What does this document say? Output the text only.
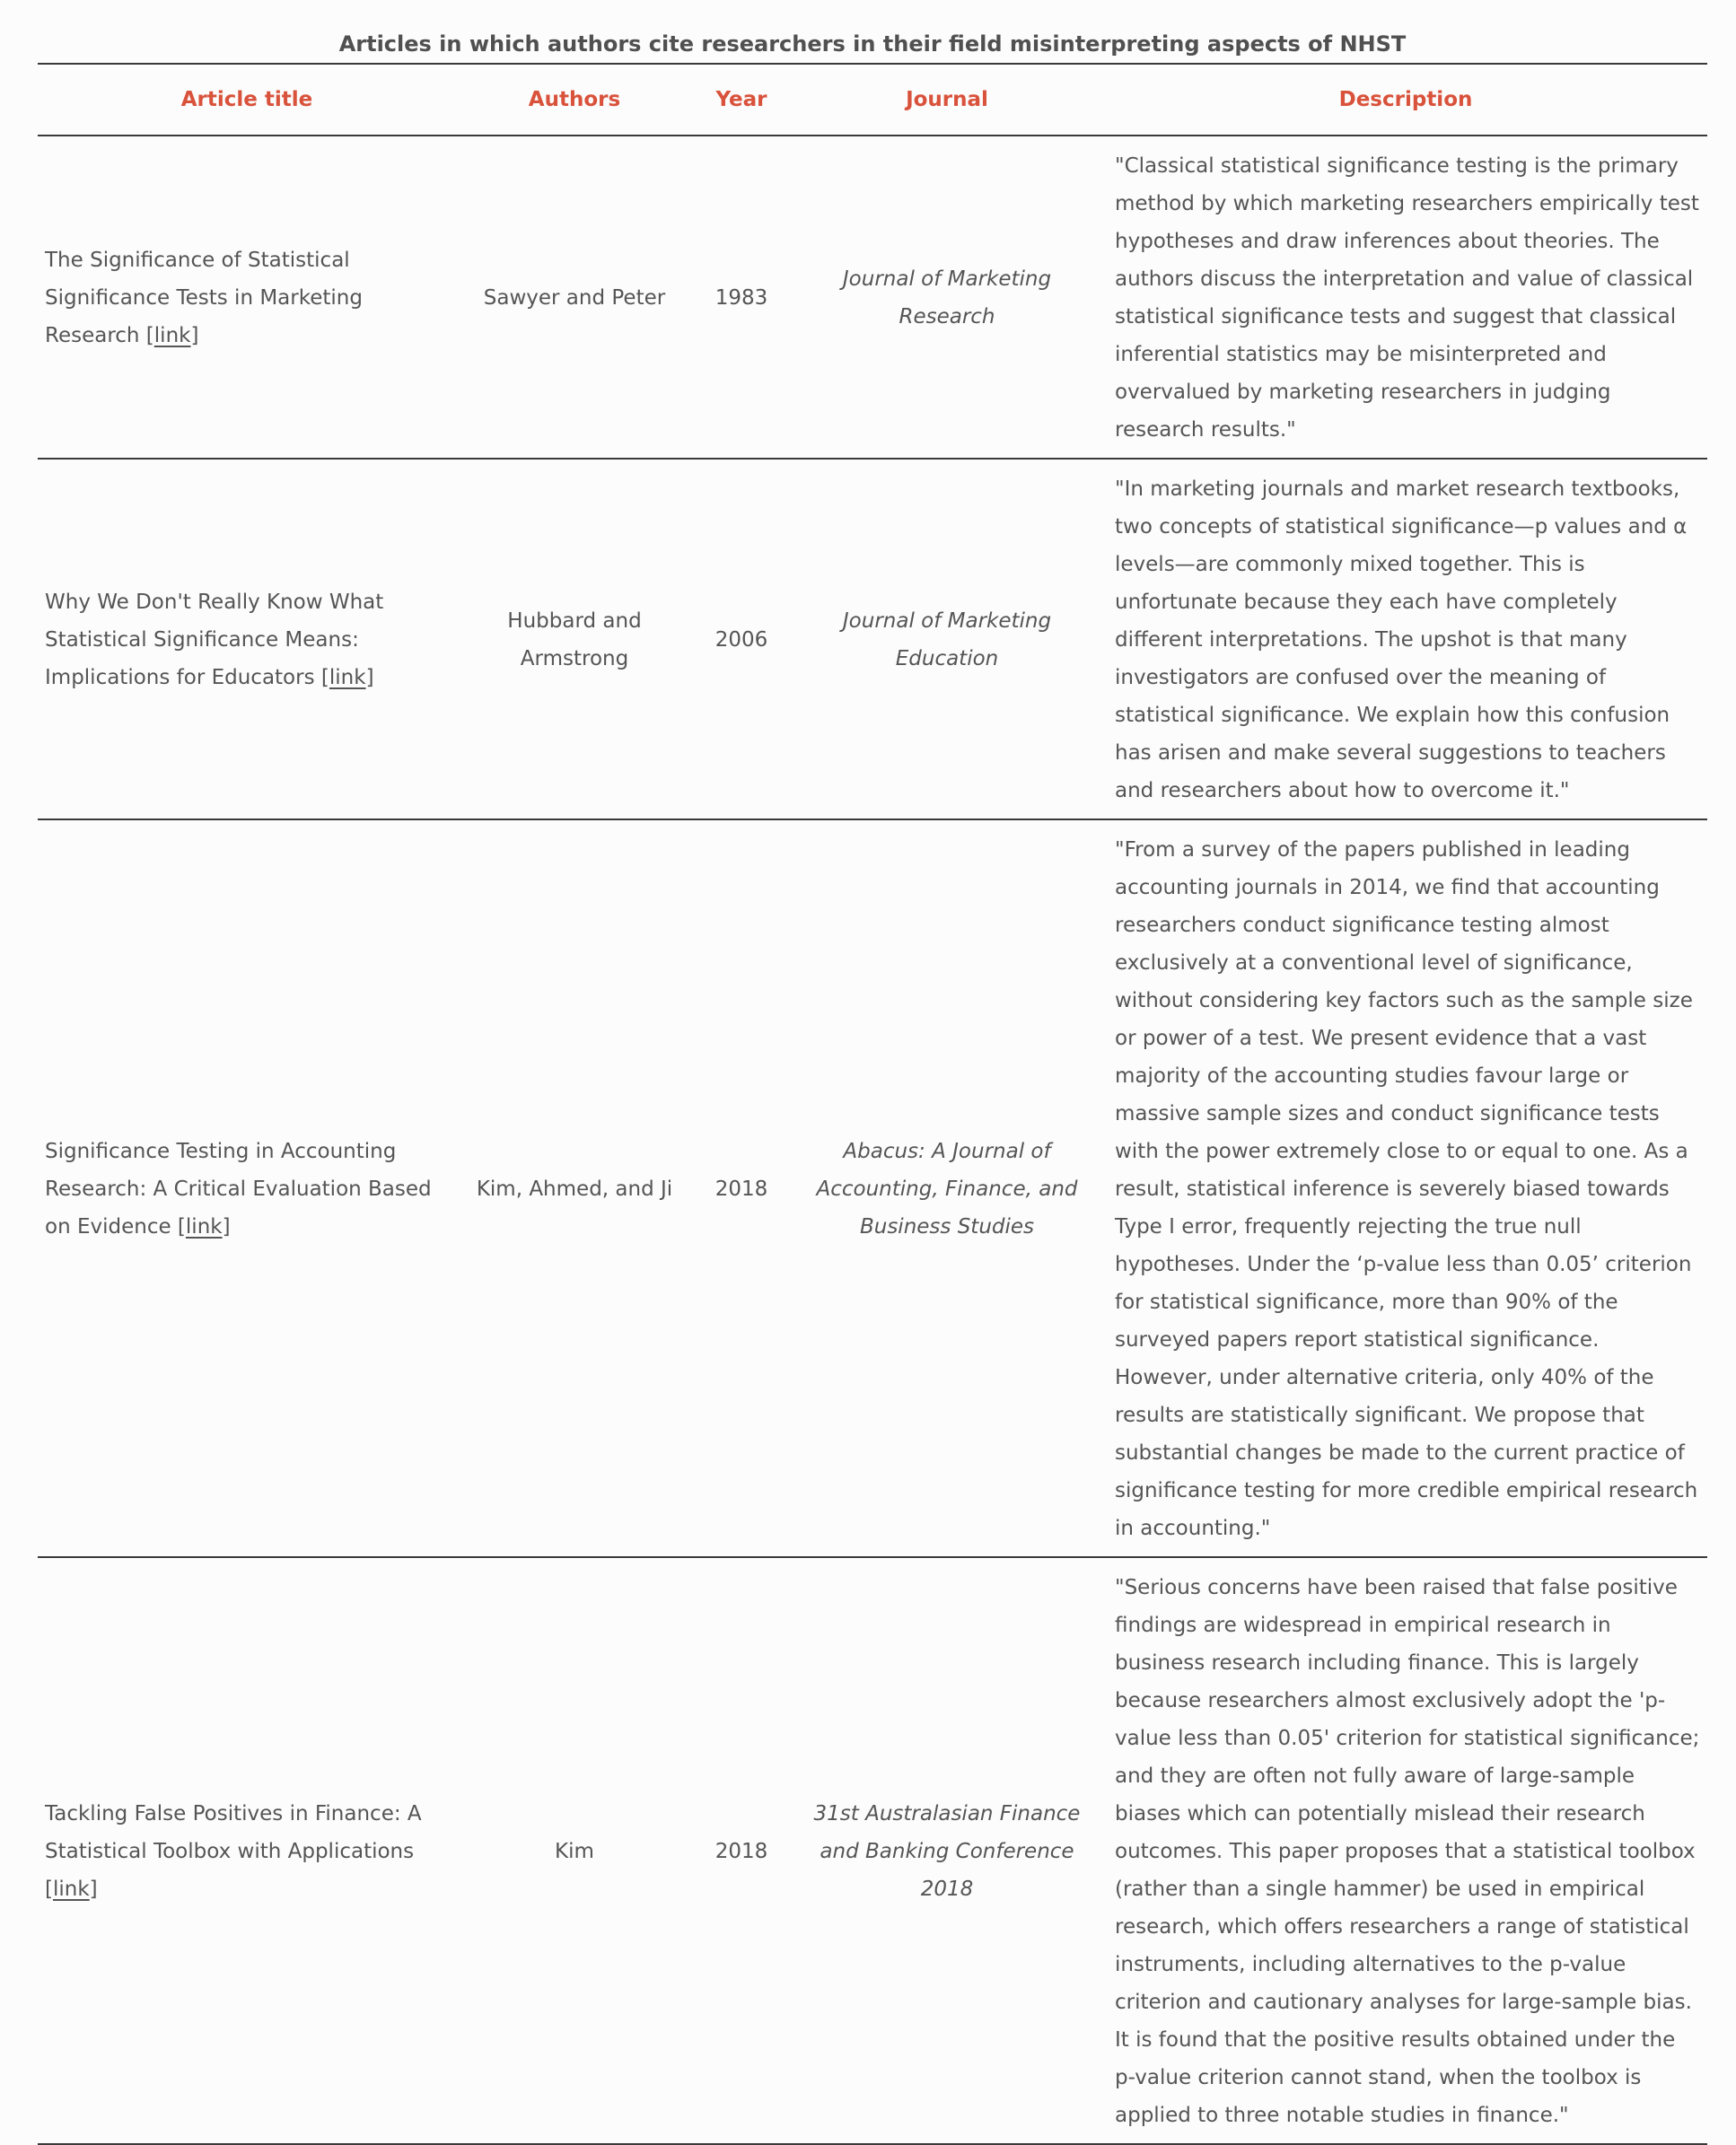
Articles in which authors cite researchers in their field misinterpreting aspects of NHST
Article title	Authors	Year	Journal	Description
The Significance of Statistical Significance Tests in Marketing Research [link]	Sawyer and Peter	1983	Journal of Marketing Research	"Classical statistical significance testing is the primary method by which marketing researchers empirically test hypotheses and draw inferences about theories. The authors discuss the interpretation and value of classical statistical significance tests and suggest that classical inferential statistics may be misinterpreted and overvalued by marketing researchers in judging research results."
Why We Don't Really Know What Statistical Significance Means: Implications for Educators [link]	Hubbard and Armstrong	2006	Journal of Marketing Education	"In marketing journals and market research textbooks, two concepts of statistical significance—p values and α levels—are commonly mixed together. This is unfortunate because they each have completely different interpretations. The upshot is that many investigators are confused over the meaning of statistical significance. We explain how this confusion has arisen and make several suggestions to teachers and researchers about how to overcome it."
Significance Testing in Accounting Research: A Critical Evaluation Based on Evidence [link]	Kim, Ahmed, and Ji	2018	Abacus: A Journal of Accounting, Finance, and Business Studies	"From a survey of the papers published in leading accounting journals in 2014, we find that accounting researchers conduct significance testing almost exclusively at a conventional level of significance, without considering key factors such as the sample size or power of a test. We present evidence that a vast majority of the accounting studies favour large or massive sample sizes and conduct significance tests with the power extremely close to or equal to one. As a result, statistical inference is severely biased towards Type I error, frequently rejecting the true null hypotheses. Under the ‘p‐value less than 0.05’ criterion for statistical significance, more than 90% of the surveyed papers report statistical significance. However, under alternative criteria, only 40% of the results are statistically significant. We propose that substantial changes be made to the current practice of significance testing for more credible empirical research in accounting."
Tackling False Positives in Finance: A Statistical Toolbox with Applications [link]	Kim	2018	31st Australasian Finance and Banking Conference 2018	"Serious concerns have been raised that false positive findings are widespread in empirical research in business research including finance. This is largely because researchers almost exclusively adopt the 'p-value less than 0.05' criterion for statistical significance; and they are often not fully aware of large-sample biases which can potentially mislead their research outcomes. This paper proposes that a statistical toolbox (rather than a single hammer) be used in empirical research, which offers researchers a range of statistical instruments, including alternatives to the p-value criterion and cautionary analyses for large-sample bias. It is found that the positive results obtained under the p-value criterion cannot stand, when the toolbox is applied to three notable studies in finance."
